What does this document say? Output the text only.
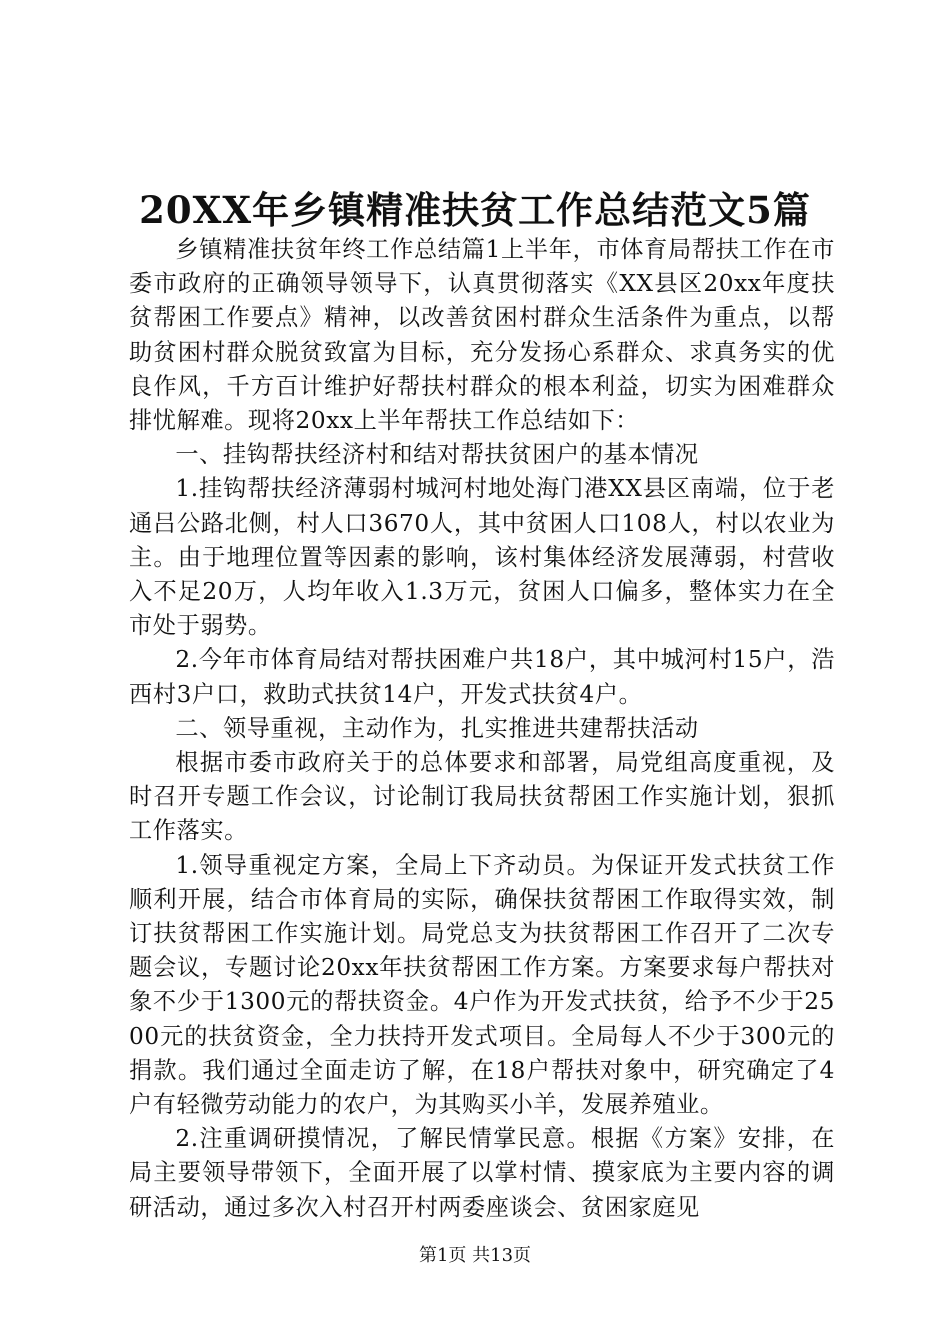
20XX年乡镇精准扶贫工作总结范文5篇

乡镇精准扶贫年终工作总结篇1上半年，市体育局帮扶工作在市委市政府的正确领导领导下，认真贯彻落实《XX县区20xx年度扶贫帮困工作要点》精神，以改善贫困村群众生活条件为重点，以帮助贫困村群众脱贫致富为目标，充分发扬心系群众、求真务实的优良作风，千方百计维护好帮扶村群众的根本利益，切实为困难群众排忧解难。现将20xx上半年帮扶工作总结如下：

一、挂钩帮扶经济村和结对帮扶贫困户的基本情况

1.挂钩帮扶经济薄弱村城河村地处海门港XX县区南端，位于老通吕公路北侧，村人口3670人，其中贫困人口108人，村以农业为主。由于地理位置等因素的影响，该村集体经济发展薄弱，村营收入不足20万，人均年收入1.3万元，贫困人口偏多，整体实力在全市处于弱势。

2.今年市体育局结对帮扶困难户共18户，其中城河村15户，浩西村3户口，救助式扶贫14户，开发式扶贫4户。

二、领导重视，主动作为，扎实推进共建帮扶活动

根据市委市政府关于的总体要求和部署，局党组高度重视，及时召开专题工作会议，讨论制订我局扶贫帮困工作实施计划，狠抓工作落实。

1.领导重视定方案，全局上下齐动员。为保证开发式扶贫工作顺利开展，结合市体育局的实际，确保扶贫帮困工作取得实效，制订扶贫帮困工作实施计划。局党总支为扶贫帮困工作召开了二次专题会议，专题讨论20xx年扶贫帮困工作方案。方案要求每户帮扶对象不少于1300元的帮扶资金。4户作为开发式扶贫，给予不少于2500元的扶贫资金，全力扶持开发式项目。全局每人不少于300元的捐款。我们通过全面走访了解，在18户帮扶对象中，研究确定了4户有轻微劳动能力的农户，为其购买小羊，发展养殖业。

2.注重调研摸情况，了解民情掌民意。根据《方案》安排，在局主要领导带领下，全面开展了以掌村情、摸家底为主要内容的调研活动，通过多次入村召开村两委座谈会、贫困家庭见

第1页 共13页
